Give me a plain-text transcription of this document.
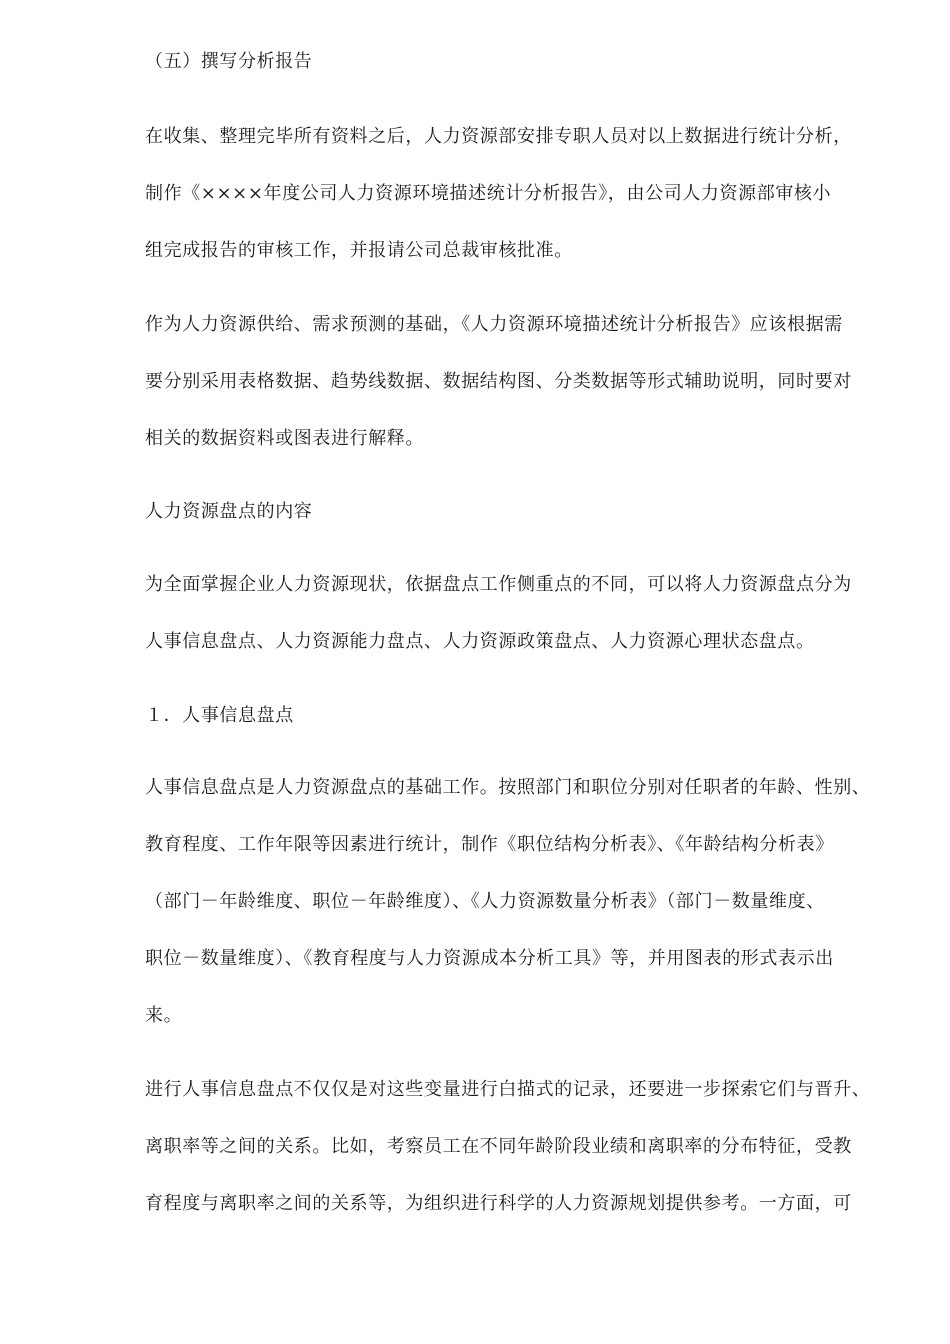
（五）撰写分析报告
在收集、整理完毕所有资料之后，人力资源部安排专职人员对以上数据进行统计分析，
制作《××××年度公司人力资源环境描述统计分析报告》，由公司人力资源部审核小
组完成报告的审核工作，并报请公司总裁审核批准。
作为人力资源供给、需求预测的基础，《人力资源环境描述统计分析报告》应该根据需
要分别采用表格数据、趋势线数据、数据结构图、分类数据等形式辅助说明，同时要对
相关的数据资料或图表进行解释。
人力资源盘点的内容
为全面掌握企业人力资源现状，依据盘点工作侧重点的不同，可以将人力资源盘点分为
人事信息盘点、人力资源能力盘点、人力资源政策盘点、人力资源心理状态盘点。
１．人事信息盘点
人事信息盘点是人力资源盘点的基础工作。按照部门和职位分别对任职者的年龄、性别、
教育程度、工作年限等因素进行统计，制作《职位结构分析表》、《年龄结构分析表》
（部门－年龄维度、职位－年龄维度）、《人力资源数量分析表》（部门－数量维度、
职位－数量维度）、《教育程度与人力资源成本分析工具》等，并用图表的形式表示出
来。
进行人事信息盘点不仅仅是对这些变量进行白描式的记录，还要进一步探索它们与晋升、
离职率等之间的关系。比如，考察员工在不同年龄阶段业绩和离职率的分布特征，受教
育程度与离职率之间的关系等，为组织进行科学的人力资源规划提供参考。一方面，可
